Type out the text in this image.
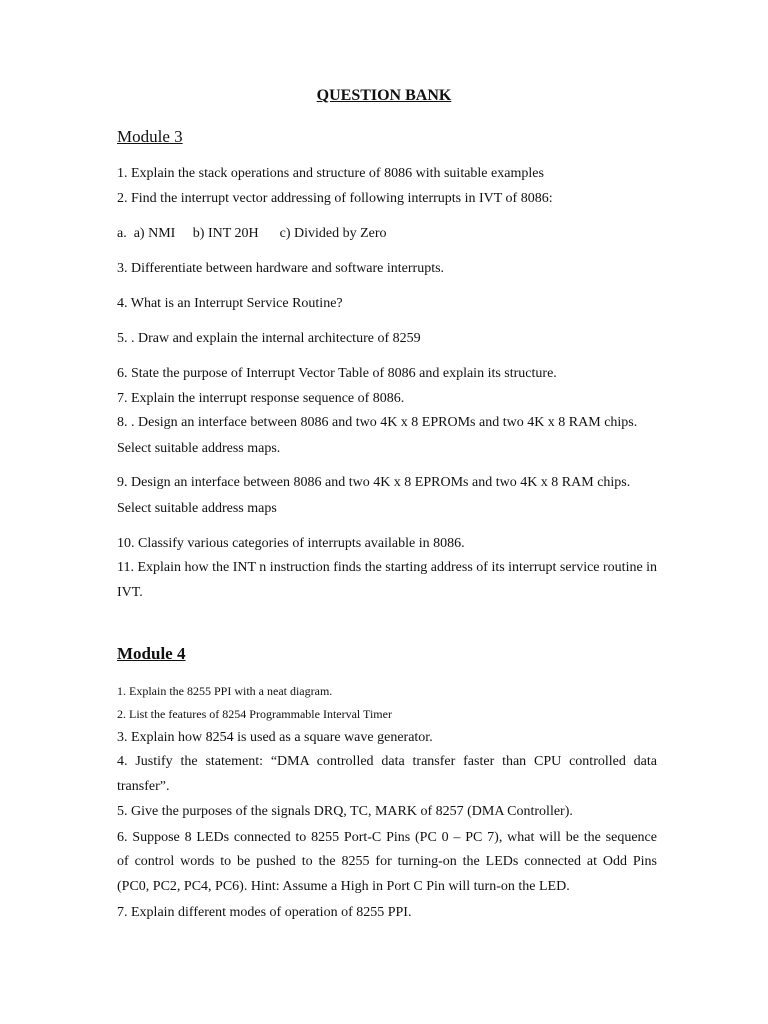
QUESTION BANK
Module 3
1. Explain the stack operations and structure of 8086 with suitable examples
2. Find the interrupt vector addressing of following interrupts in IVT of 8086:
a.  a) NMI     b) INT 20H      c) Divided by Zero
3. Differentiate between hardware and software interrupts.
4. What is an Interrupt Service Routine?
5. . Draw and explain the internal architecture of 8259
6. State the purpose of Interrupt Vector Table of 8086 and explain its structure.
7. Explain the interrupt response sequence of 8086.
8. . Design an interface between 8086 and two 4K x 8 EPROMs and two 4K x 8 RAM chips.
Select suitable address maps.
9. Design an interface between 8086 and two 4K x 8 EPROMs and two 4K x 8 RAM chips.
Select suitable address maps
10. Classify various categories of interrupts available in 8086.
11. Explain how the INT n instruction finds the starting address of its interrupt service routine in
IVT.
Module 4
1. Explain the 8255 PPI with a neat diagram.
2. List the features of 8254 Programmable Interval Timer
3. Explain how 8254 is used as a square wave generator.
4. Justify the statement: “DMA controlled data transfer faster than CPU controlled data
transfer”.
5. Give the purposes of the signals DRQ, TC, MARK of 8257 (DMA Controller).
6. Suppose 8 LEDs connected to 8255 Port-C Pins (PC 0 – PC 7), what will be the sequence
of control words to be pushed to the 8255 for turning-on the LEDs connected at Odd Pins
(PC0, PC2, PC4, PC6). Hint: Assume a High in Port C Pin will turn-on the LED.
7. Explain different modes of operation of 8255 PPI.
